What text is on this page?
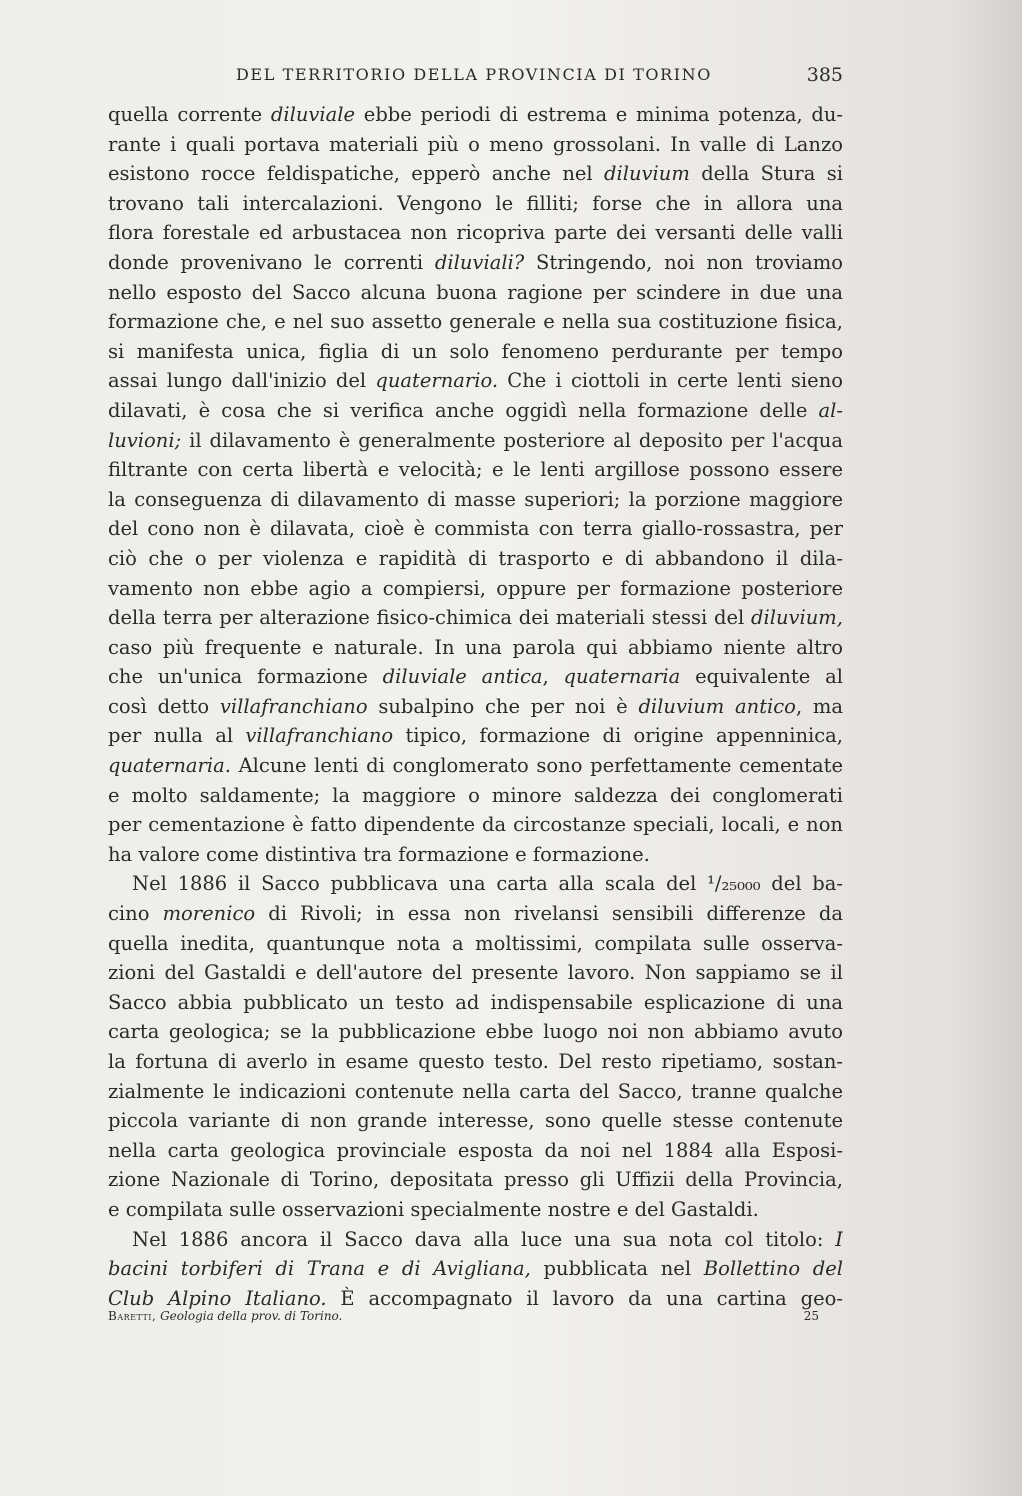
DEL TERRITORIO DELLA PROVINCIA DI TORINO	385
quella corrente diluviale ebbe periodi di estrema e minima potenza, du-
rante i quali portava materiali più o meno grossolani. In valle di Lanzo
esistono rocce feldispatiche, epperò anche nel diluvium della Stura si
trovano tali intercalazioni. Vengono le filliti; forse che in allora una
flora forestale ed arbustacea non ricopriva parte dei versanti delle valli
donde provenivano le correnti diluviali? Stringendo, noi non troviamo
nello esposto del Sacco alcuna buona ragione per scindere in due una
formazione che, e nel suo assetto generale e nella sua costituzione fisica,
si manifesta unica, figlia di un solo fenomeno perdurante per tempo
assai lungo dall'inizio del quaternario. Che i ciottoli in certe lenti sieno
dilavati, è cosa che si verifica anche oggidì nella formazione delle al-
luvioni; il dilavamento è generalmente posteriore al deposito per l'acqua
filtrante con certa libertà e velocità; e le lenti argillose possono essere
la conseguenza di dilavamento di masse superiori; la porzione maggiore
del cono non è dilavata, cioè è commista con terra giallo-rossastra, per
ciò che o per violenza e rapidità di trasporto e di abbandono il dila-
vamento non ebbe agio a compiersi, oppure per formazione posteriore
della terra per alterazione fisico-chimica dei materiali stessi del diluvium,
caso più frequente e naturale. In una parola qui abbiamo niente altro
che un'unica formazione diluviale antica, quaternaria equivalente al
così detto villafranchiano subalpino che per noi è diluvium antico, ma
per nulla al villafranchiano tipico, formazione di origine appenninica,
quaternaria. Alcune lenti di conglomerato sono perfettamente cementate
e molto saldamente; la maggiore o minore saldezza dei conglomerati
per cementazione è fatto dipendente da circostanze speciali, locali, e non
ha valore come distintiva tra formazione e formazione.
Nel 1886 il Sacco pubblicava una carta alla scala del ¹/₂₅₀₀₀ del ba-
cino morenico di Rivoli; in essa non rivelansi sensibili differenze da
quella inedita, quantunque nota a moltissimi, compilata sulle osserva-
zioni del Gastaldi e dell'autore del presente lavoro. Non sappiamo se il
Sacco abbia pubblicato un testo ad indispensabile esplicazione di una
carta geologica; se la pubblicazione ebbe luogo noi non abbiamo avuto
la fortuna di averlo in esame questo testo. Del resto ripetiamo, sostan-
zialmente le indicazioni contenute nella carta del Sacco, tranne qualche
piccola variante di non grande interesse, sono quelle stesse contenute
nella carta geologica provinciale esposta da noi nel 1884 alla Esposi-
zione Nazionale di Torino, depositata presso gli Uffizii della Provincia,
e compilata sulle osservazioni specialmente nostre e del Gastaldi.
Nel 1886 ancora il Sacco dava alla luce una sua nota col titolo: I
bacini torbiferi di Trana e di Avigliana, pubblicata nel Bollettino del
Club Alpino Italiano. È accompagnato il lavoro da una cartina geo-
Baretti, Geologia della prov. di Torino.	25
